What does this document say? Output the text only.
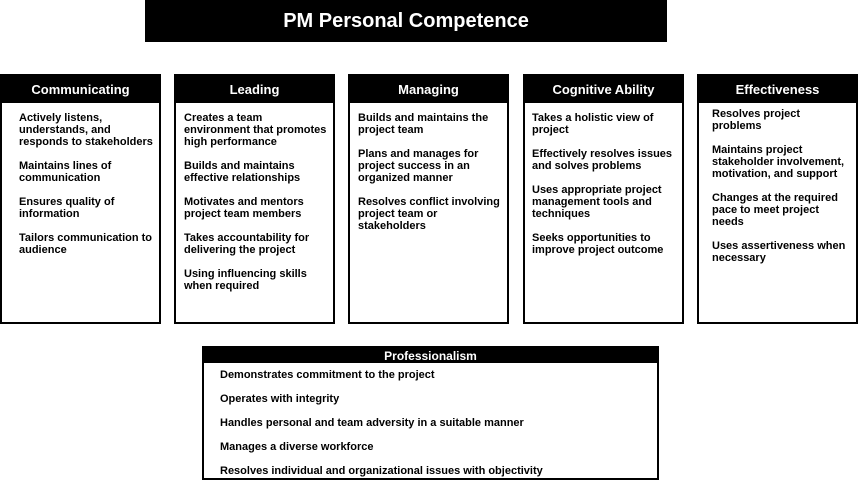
PM Personal Competence
Communicating
Actively listens, understands, and responds to stakeholders
Maintains lines of communication
Ensures quality of information
Tailors communication to audience
Leading
Creates a team environment that promotes high performance
Builds and maintains effective relationships
Motivates and mentors project team members
Takes accountability for delivering the project
Using influencing skills when required
Managing
Builds and maintains the project team
Plans and manages for project success in an organized manner
Resolves conflict involving project team or stakeholders
Cognitive Ability
Takes a holistic view of project
Effectively resolves issues and solves problems
Uses appropriate project management tools and techniques
Seeks opportunities to improve project outcome
Effectiveness
Resolves project problems
Maintains project stakeholder involvement, motivation, and support
Changes at the required pace to meet project needs
Uses assertiveness when necessary
Professionalism
Demonstrates commitment to the project
Operates with integrity
Handles personal and team adversity in a suitable manner
Manages a diverse workforce
Resolves individual and organizational issues with objectivity
